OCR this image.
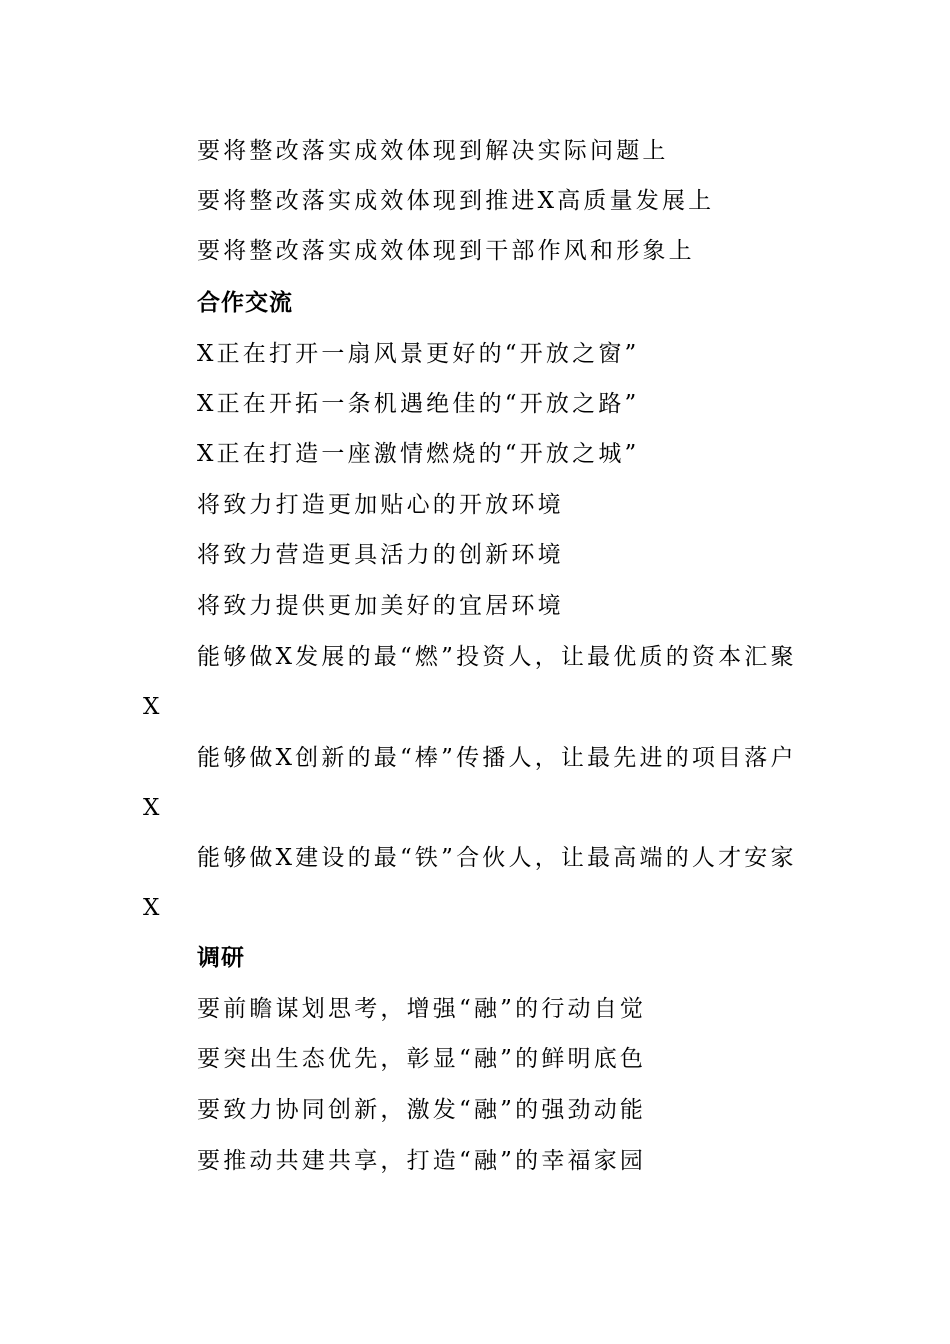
要将整改落实成效体现到解决实际问题上
要将整改落实成效体现到推进X高质量发展上
要将整改落实成效体现到干部作风和形象上
合作交流
X正在打开一扇风景更好的“开放之窗”
X正在开拓一条机遇绝佳的“开放之路”
X正在打造一座激情燃烧的“开放之城”
将致力打造更加贴心的开放环境
将致力营造更具活力的创新环境
将致力提供更加美好的宜居环境
能够做X发展的最“燃”投资人，让最优质的资本汇聚
X
能够做X创新的最“棒”传播人，让最先进的项目落户
X
能够做X建设的最“铁”合伙人，让最高端的人才安家
X
调研
要前瞻谋划思考，增强“融”的行动自觉
要突出生态优先，彰显“融”的鲜明底色
要致力协同创新，激发“融”的强劲动能
要推动共建共享，打造“融”的幸福家园
